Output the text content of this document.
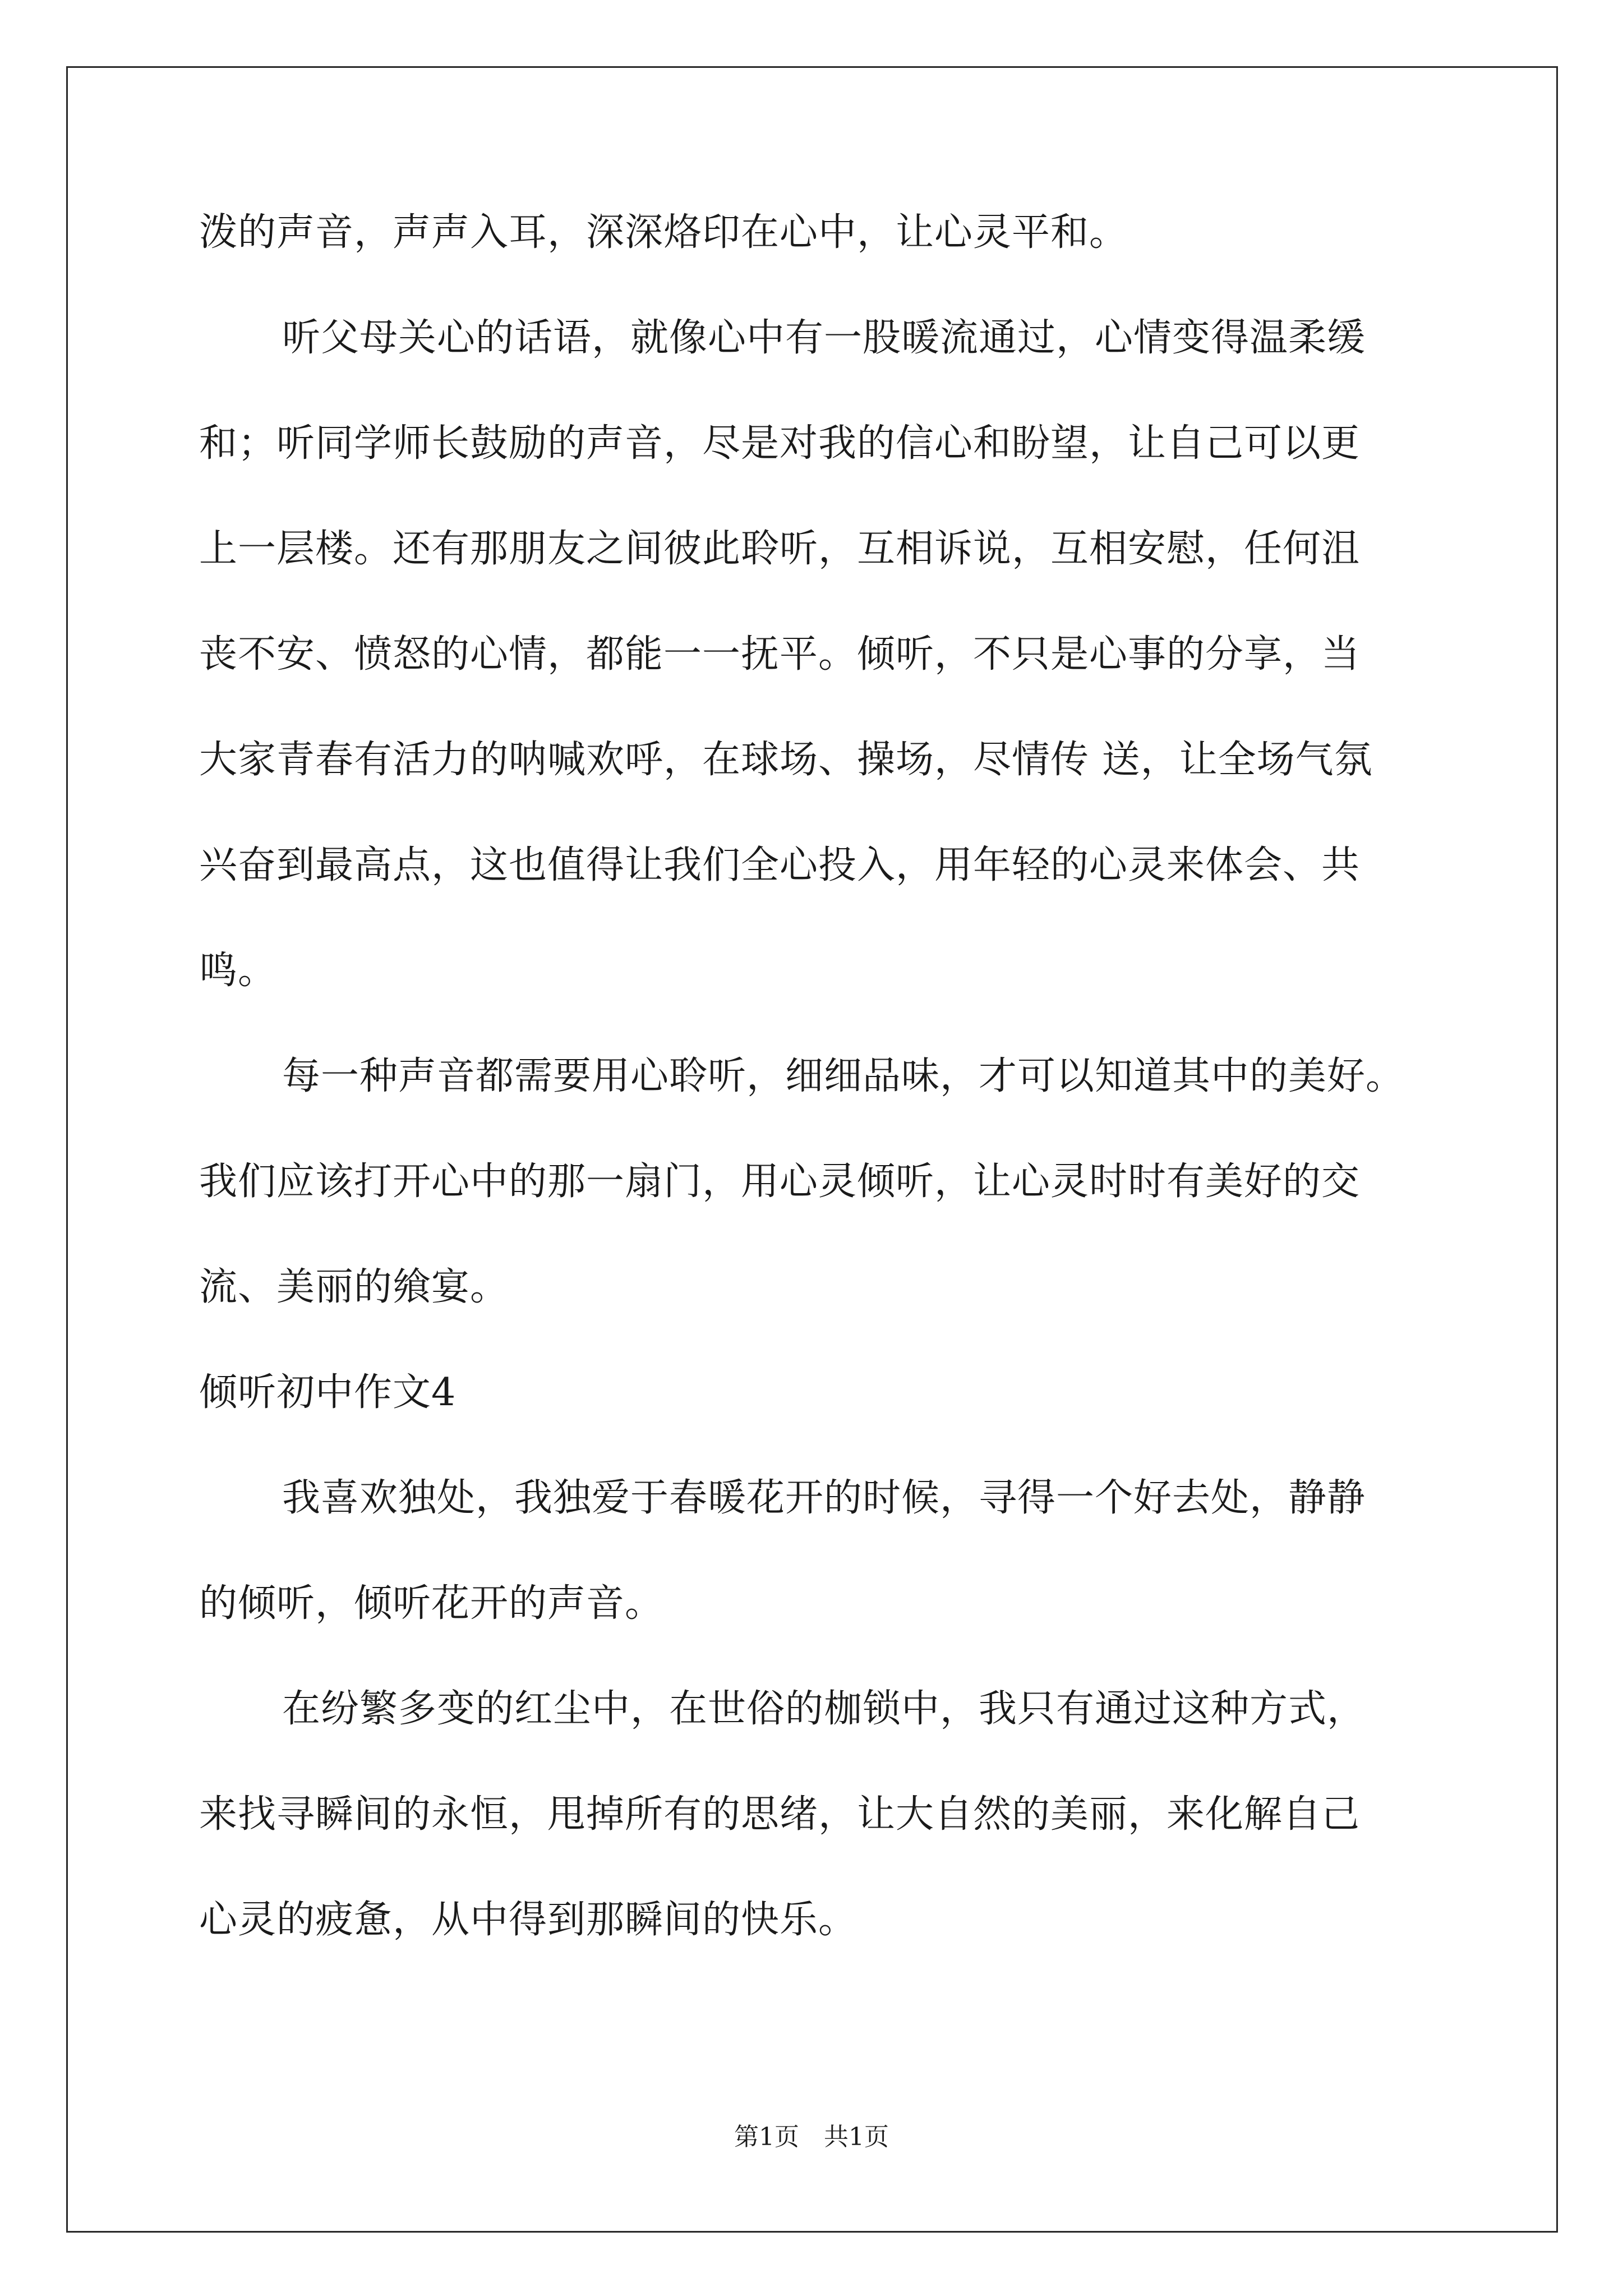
泼的声音，声声入耳，深深烙印在心中，让心灵平和。
听父母关心的话语，就像心中有一股暖流通过，心情变得温柔缓
和；听同学师长鼓励的声音，尽是对我的信心和盼望，让自己可以更
上一层楼。还有那朋友之间彼此聆听，互相诉说，互相安慰，任何沮
丧不安、愤怒的心情，都能一一抚平。倾听，不只是心事的分享，当
大家青春有活力的呐喊欢呼，在球场、操场，尽情传 送，让全场气氛
兴奋到最高点，这也值得让我们全心投入，用年轻的心灵来体会、共
鸣。
每一种声音都需要用心聆听，细细品味，才可以知道其中的美好。
我们应该打开心中的那一扇门，用心灵倾听，让心灵时时有美好的交
流、美丽的飨宴。
倾听初中作文4
我喜欢独处，我独爱于春暖花开的时候，寻得一个好去处，静静
的倾听，倾听花开的声音。
在纷繁多变的红尘中，在世俗的枷锁中，我只有通过这种方式，
来找寻瞬间的永恒，甩掉所有的思绪，让大自然的美丽，来化解自己
心灵的疲惫，从中得到那瞬间的快乐。
第1页　共1页
